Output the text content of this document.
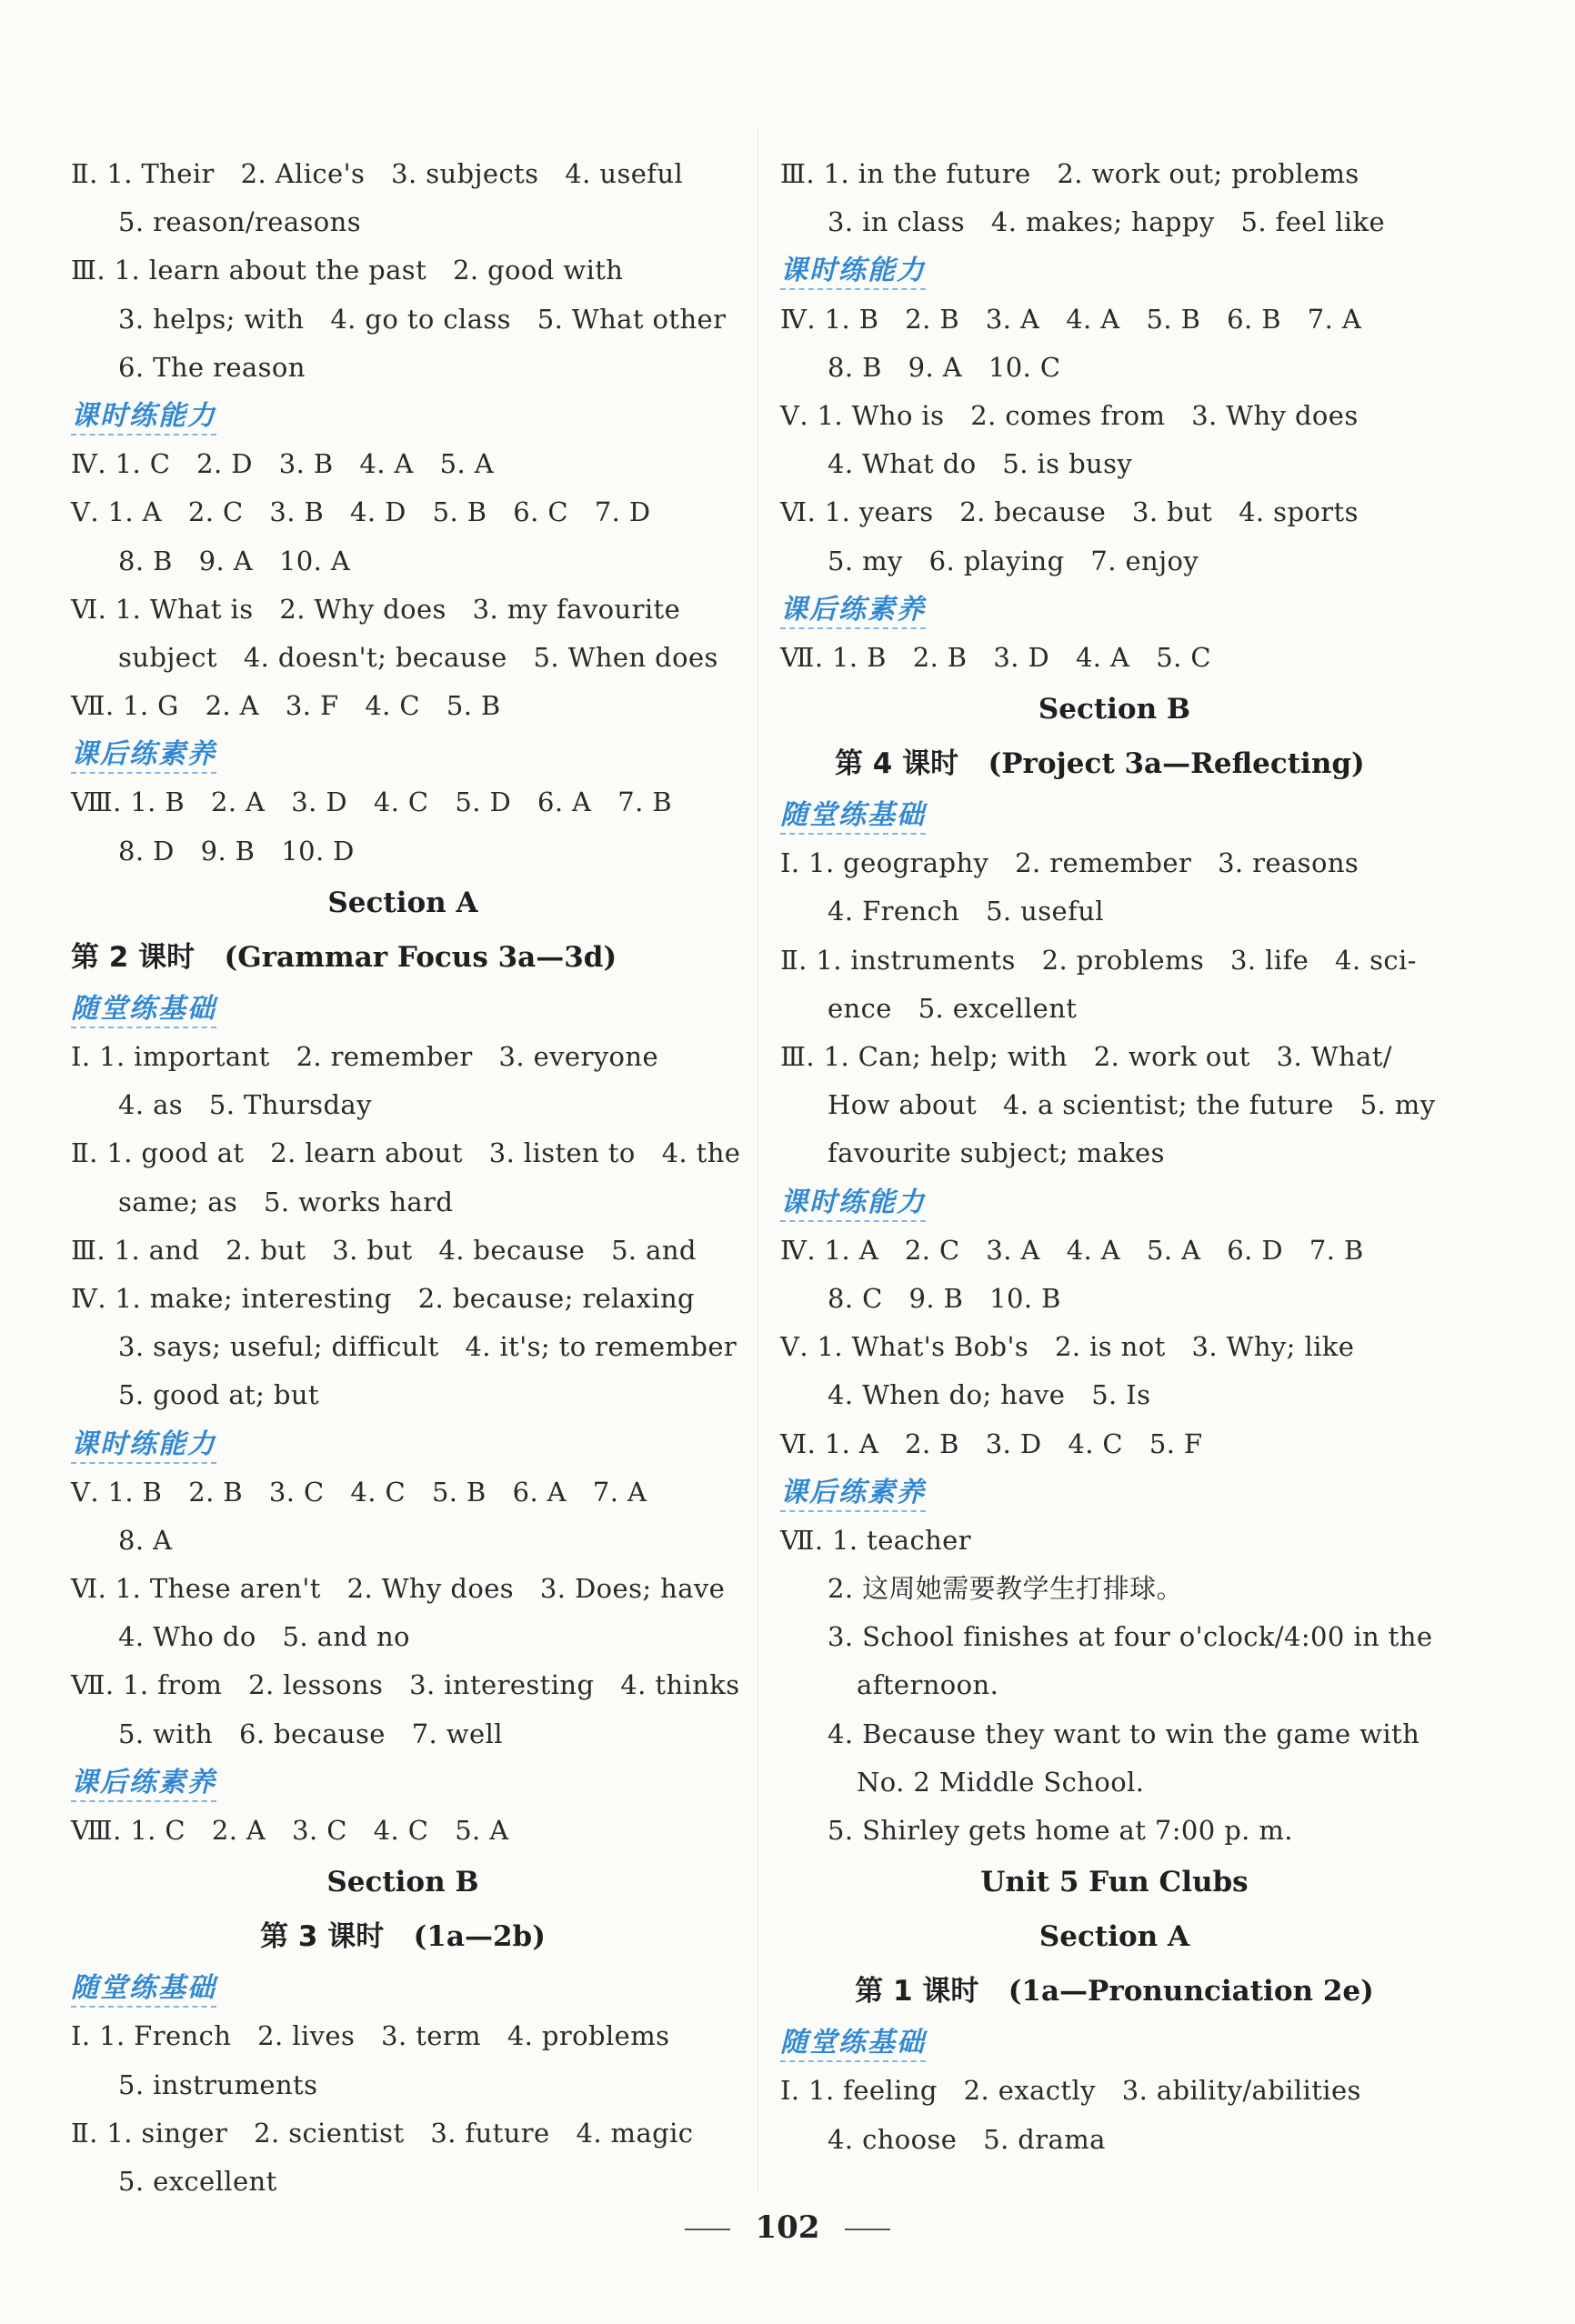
Ⅱ. 1. Their   2. Alice's   3. subjects   4. useful
5. reason/reasons
Ⅲ. 1. learn about the past   2. good with
3. helps; with   4. go to class   5. What other
6. The reason
课时练能力
Ⅳ. 1. C   2. D   3. B   4. A   5. A
Ⅴ. 1. A   2. C   3. B   4. D   5. B   6. C   7. D
8. B   9. A   10. A
Ⅵ. 1. What is   2. Why does   3. my favourite
subject   4. doesn't; because   5. When does
Ⅶ. 1. G   2. A   3. F   4. C   5. B
课后练素养
Ⅷ. 1. B   2. A   3. D   4. C   5. D   6. A   7. B
8. D   9. B   10. D
Section A
第 2 课时 (Grammar Focus 3a—3d)
随堂练基础
Ⅰ. 1. important   2. remember   3. everyone
4. as   5. Thursday
Ⅱ. 1. good at   2. learn about   3. listen to   4. the
same; as   5. works hard
Ⅲ. 1. and   2. but   3. but   4. because   5. and
Ⅳ. 1. make; interesting   2. because; relaxing
3. says; useful; difficult   4. it's; to remember
5. good at; but
课时练能力
Ⅴ. 1. B   2. B   3. C   4. C   5. B   6. A   7. A
8. A
Ⅵ. 1. These aren't   2. Why does   3. Does; have
4. Who do   5. and no
Ⅶ. 1. from   2. lessons   3. interesting   4. thinks
5. with   6. because   7. well
课后练素养
Ⅷ. 1. C   2. A   3. C   4. C   5. A
Section B
第 3 课时 (1a—2b)
随堂练基础
Ⅰ. 1. French   2. lives   3. term   4. problems
5. instruments
Ⅱ. 1. singer   2. scientist   3. future   4. magic
5. excellent
Ⅲ. 1. in the future   2. work out; problems
3. in class   4. makes; happy   5. feel like
课时练能力
Ⅳ. 1. B   2. B   3. A   4. A   5. B   6. B   7. A
8. B   9. A   10. C
Ⅴ. 1. Who is   2. comes from   3. Why does
4. What do   5. is busy
Ⅵ. 1. years   2. because   3. but   4. sports
5. my   6. playing   7. enjoy
课后练素养
Ⅶ. 1. B   2. B   3. D   4. A   5. C
Section B
第 4 课时 (Project 3a—Reflecting)
随堂练基础
Ⅰ. 1. geography   2. remember   3. reasons
4. French   5. useful
Ⅱ. 1. instruments   2. problems   3. life   4. sci-
ence   5. excellent
Ⅲ. 1. Can; help; with   2. work out   3. What/
How about   4. a scientist; the future   5. my
favourite subject; makes
课时练能力
Ⅳ. 1. A   2. C   3. A   4. A   5. A   6. D   7. B
8. C   9. B   10. B
Ⅴ. 1. What's Bob's   2. is not   3. Why; like
4. When do; have   5. Is
Ⅵ. 1. A   2. B   3. D   4. C   5. F
课后练素养
Ⅶ. 1. teacher
2. 这周她需要教学生打排球。
3. School finishes at four o'clock/4:00 in the
afternoon.
4. Because they want to win the game with
No. 2 Middle School.
5. Shirley gets home at 7:00 p. m.
Unit 5 Fun Clubs
Section A
第 1 课时 (1a—Pronunciation 2e)
随堂练基础
Ⅰ. 1. feeling   2. exactly   3. ability/abilities
4. choose   5. drama
102
